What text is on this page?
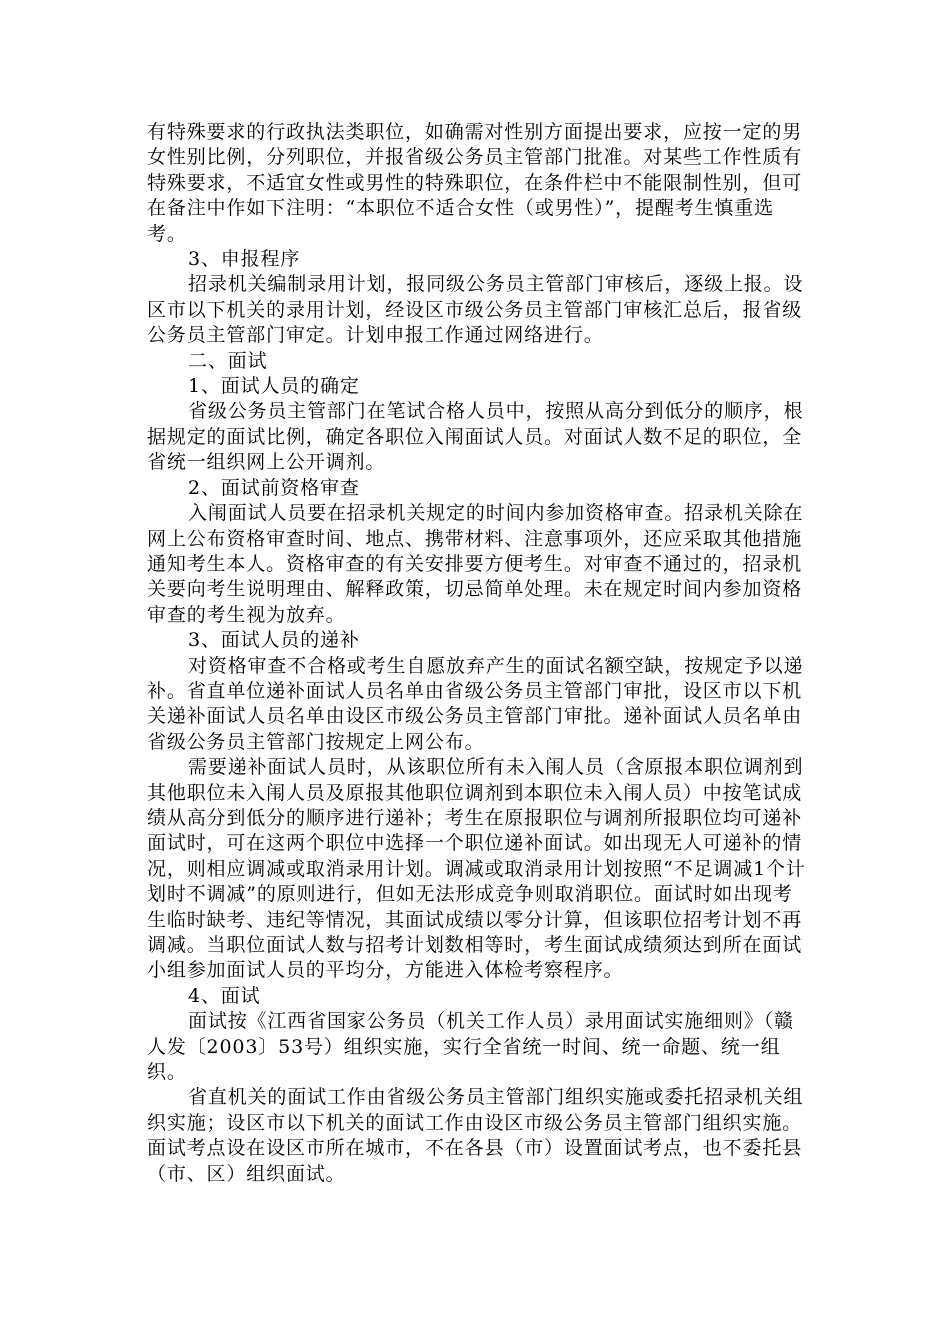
有特殊要求的行政执法类职位，如确需对性别方面提出要求，应按一定的男女性别比例，分列职位，并报省级公务员主管部门批准。对某些工作性质有特殊要求，不适宜女性或男性的特殊职位，在条件栏中不能限制性别，但可在备注中作如下注明：“本职位不适合女性（或男性）”，提醒考生慎重选考。

3、申报程序

招录机关编制录用计划，报同级公务员主管部门审核后，逐级上报。设区市以下机关的录用计划，经设区市级公务员主管部门审核汇总后，报省级公务员主管部门审定。计划申报工作通过网络进行。

二、面试

1、面试人员的确定

省级公务员主管部门在笔试合格人员中，按照从高分到低分的顺序，根据规定的面试比例，确定各职位入闱面试人员。对面试人数不足的职位，全省统一组织网上公开调剂。

2、面试前资格审查

入闱面试人员要在招录机关规定的时间内参加资格审查。招录机关除在网上公布资格审查时间、地点、携带材料、注意事项外，还应采取其他措施通知考生本人。资格审查的有关安排要方便考生。对审查不通过的，招录机关要向考生说明理由、解释政策，切忌简单处理。未在规定时间内参加资格审查的考生视为放弃。

3、面试人员的递补

对资格审查不合格或考生自愿放弃产生的面试名额空缺，按规定予以递补。省直单位递补面试人员名单由省级公务员主管部门审批，设区市以下机关递补面试人员名单由设区市级公务员主管部门审批。递补面试人员名单由省级公务员主管部门按规定上网公布。

需要递补面试人员时，从该职位所有未入闱人员（含原报本职位调剂到其他职位未入闱人员及原报其他职位调剂到本职位未入闱人员）中按笔试成绩从高分到低分的顺序进行递补；考生在原报职位与调剂所报职位均可递补面试时，可在这两个职位中选择一个职位递补面试。如出现无人可递补的情况，则相应调减或取消录用计划。调减或取消录用计划按照“不足调减1个计划时不调减”的原则进行，但如无法形成竞争则取消职位。面试时如出现考生临时缺考、违纪等情况，其面试成绩以零分计算，但该职位招考计划不再调减。当职位面试人数与招考计划数相等时，考生面试成绩须达到所在面试小组参加面试人员的平均分，方能进入体检考察程序。

4、面试

面试按《江西省国家公务员（机关工作人员）录用面试实施细则》（赣人发〔2003〕53号）组织实施，实行全省统一时间、统一命题、统一组织。

省直机关的面试工作由省级公务员主管部门组织实施或委托招录机关组织实施；设区市以下机关的面试工作由设区市级公务员主管部门组织实施。面试考点设在设区市所在城市，不在各县（市）设置面试考点，也不委托县（市、区）组织面试。
